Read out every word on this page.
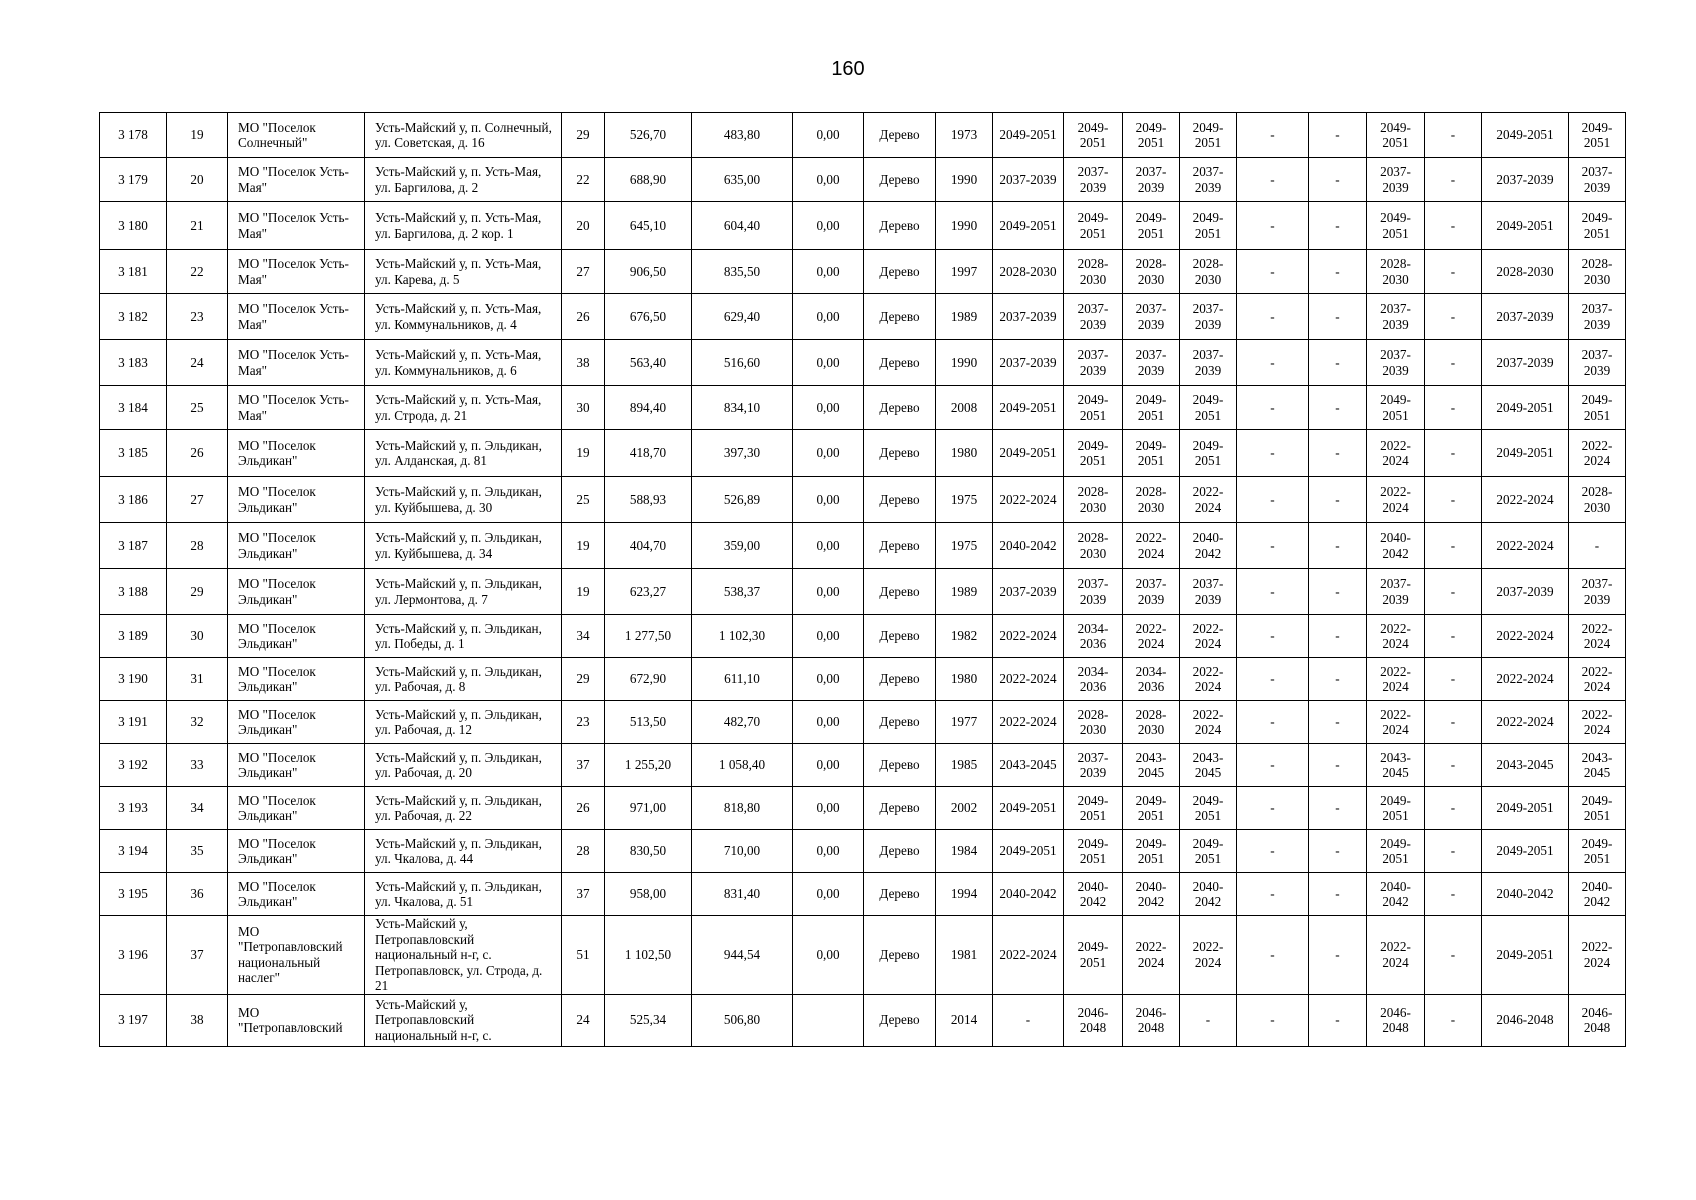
160
3 178	19	МО "Поселок Солнечный"	Усть-Майский у, п. Солнечный, ул. Советская, д. 16	29	526,70	483,80	0,00	Дерево	1973	2049-2051	2049-2051	2049-2051	2049-2051	-	-	2049-2051	-	2049-2051	2049-2051
3 179	20	МО "Поселок Усть-Мая"	Усть-Майский у, п. Усть-Мая, ул. Баргилова, д. 2	22	688,90	635,00	0,00	Дерево	1990	2037-2039	2037-2039	2037-2039	2037-2039	-	-	2037-2039	-	2037-2039	2037-2039
3 180	21	МО "Поселок Усть-Мая"	Усть-Майский у, п. Усть-Мая, ул. Баргилова, д. 2 кор. 1	20	645,10	604,40	0,00	Дерево	1990	2049-2051	2049-2051	2049-2051	2049-2051	-	-	2049-2051	-	2049-2051	2049-2051
3 181	22	МО "Поселок Усть-Мая"	Усть-Майский у, п. Усть-Мая, ул. Карева, д. 5	27	906,50	835,50	0,00	Дерево	1997	2028-2030	2028-2030	2028-2030	2028-2030	-	-	2028-2030	-	2028-2030	2028-2030
3 182	23	МО "Поселок Усть-Мая"	Усть-Майский у, п. Усть-Мая, ул. Коммунальников, д. 4	26	676,50	629,40	0,00	Дерево	1989	2037-2039	2037-2039	2037-2039	2037-2039	-	-	2037-2039	-	2037-2039	2037-2039
3 183	24	МО "Поселок Усть-Мая"	Усть-Майский у, п. Усть-Мая, ул. Коммунальников, д. 6	38	563,40	516,60	0,00	Дерево	1990	2037-2039	2037-2039	2037-2039	2037-2039	-	-	2037-2039	-	2037-2039	2037-2039
3 184	25	МО "Поселок Усть-Мая"	Усть-Майский у, п. Усть-Мая, ул. Строда, д. 21	30	894,40	834,10	0,00	Дерево	2008	2049-2051	2049-2051	2049-2051	2049-2051	-	-	2049-2051	-	2049-2051	2049-2051
3 185	26	МО "Поселок Эльдикан"	Усть-Майский у, п. Эльдикан, ул. Алданская, д. 81	19	418,70	397,30	0,00	Дерево	1980	2049-2051	2049-2051	2049-2051	2049-2051	-	-	2022-2024	-	2049-2051	2022-2024
3 186	27	МО "Поселок Эльдикан"	Усть-Майский у, п. Эльдикан, ул. Куйбышева, д. 30	25	588,93	526,89	0,00	Дерево	1975	2022-2024	2028-2030	2028-2030	2022-2024	-	-	2022-2024	-	2022-2024	2028-2030
3 187	28	МО "Поселок Эльдикан"	Усть-Майский у, п. Эльдикан, ул. Куйбышева, д. 34	19	404,70	359,00	0,00	Дерево	1975	2040-2042	2028-2030	2022-2024	2040-2042	-	-	2040-2042	-	2022-2024	-
3 188	29	МО "Поселок Эльдикан"	Усть-Майский у, п. Эльдикан, ул. Лермонтова, д. 7	19	623,27	538,37	0,00	Дерево	1989	2037-2039	2037-2039	2037-2039	2037-2039	-	-	2037-2039	-	2037-2039	2037-2039
3 189	30	МО "Поселок Эльдикан"	Усть-Майский у, п. Эльдикан, ул. Победы, д. 1	34	1 277,50	1 102,30	0,00	Дерево	1982	2022-2024	2034-2036	2022-2024	2022-2024	-	-	2022-2024	-	2022-2024	2022-2024
3 190	31	МО "Поселок Эльдикан"	Усть-Майский у, п. Эльдикан, ул. Рабочая, д. 8	29	672,90	611,10	0,00	Дерево	1980	2022-2024	2034-2036	2034-2036	2022-2024	-	-	2022-2024	-	2022-2024	2022-2024
3 191	32	МО "Поселок Эльдикан"	Усть-Майский у, п. Эльдикан, ул. Рабочая, д. 12	23	513,50	482,70	0,00	Дерево	1977	2022-2024	2028-2030	2028-2030	2022-2024	-	-	2022-2024	-	2022-2024	2022-2024
3 192	33	МО "Поселок Эльдикан"	Усть-Майский у, п. Эльдикан, ул. Рабочая, д. 20	37	1 255,20	1 058,40	0,00	Дерево	1985	2043-2045	2037-2039	2043-2045	2043-2045	-	-	2043-2045	-	2043-2045	2043-2045
3 193	34	МО "Поселок Эльдикан"	Усть-Майский у, п. Эльдикан, ул. Рабочая, д. 22	26	971,00	818,80	0,00	Дерево	2002	2049-2051	2049-2051	2049-2051	2049-2051	-	-	2049-2051	-	2049-2051	2049-2051
3 194	35	МО "Поселок Эльдикан"	Усть-Майский у, п. Эльдикан, ул. Чкалова, д. 44	28	830,50	710,00	0,00	Дерево	1984	2049-2051	2049-2051	2049-2051	2049-2051	-	-	2049-2051	-	2049-2051	2049-2051
3 195	36	МО "Поселок Эльдикан"	Усть-Майский у, п. Эльдикан, ул. Чкалова, д. 51	37	958,00	831,40	0,00	Дерево	1994	2040-2042	2040-2042	2040-2042	2040-2042	-	-	2040-2042	-	2040-2042	2040-2042
3 196	37	МО "Петропавловский национальный наслег"	Усть-Майский у, Петропавловский национальный н-г, с. Петропавловск, ул. Строда, д. 21	51	1 102,50	944,54	0,00	Дерево	1981	2022-2024	2049-2051	2022-2024	2022-2024	-	-	2022-2024	-	2049-2051	2022-2024
3 197	38	МО "Петропавловский	Усть-Майский у, Петропавловский национальный н-г, с.	24	525,34	506,80		Дерево	2014	-	2046-2048	2046-2048	-	-	-	2046-2048	-	2046-2048	2046-2048
